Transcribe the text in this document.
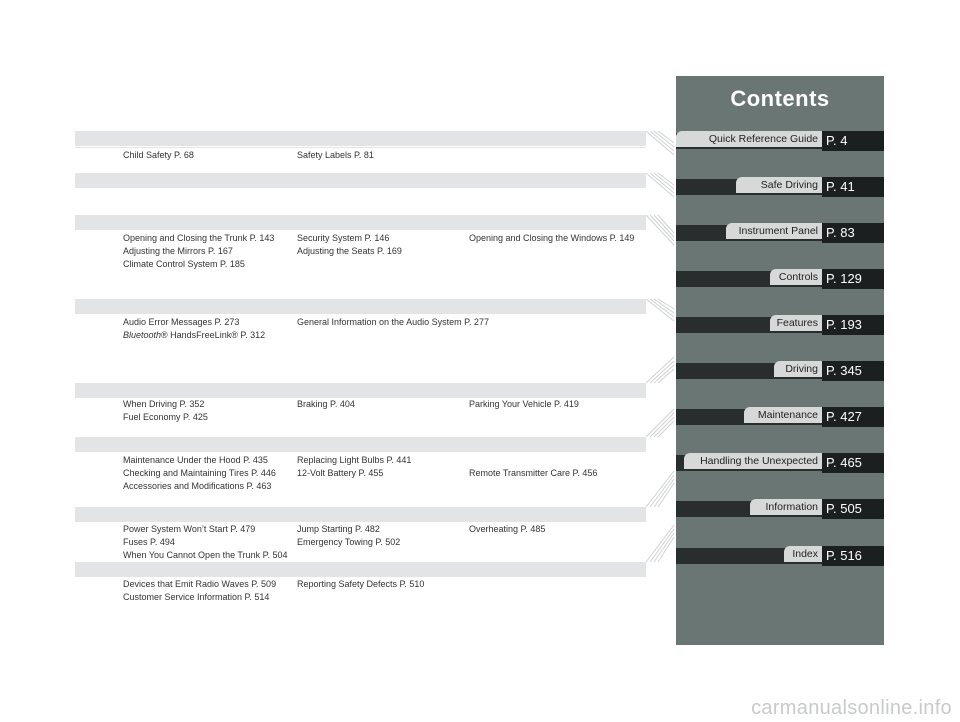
Child Safety P. 68	Safety Labels P. 81
Opening and Closing the Trunk P. 143	Security System P. 146	Opening and Closing the Windows P. 149
Adjusting the Mirrors P. 167	Adjusting the Seats P. 169
Climate Control System P. 185
Audio Error Messages P. 273	General Information on the Audio System P. 277
Bluetooth® HandsFreeLink® P. 312
When Driving P. 352	Braking P. 404	Parking Your Vehicle P. 419
Fuel Economy P. 425
Maintenance Under the Hood P. 435	Replacing Light Bulbs P. 441
Checking and Maintaining Tires P. 446 12-Volt Battery P. 455	Remote Transmitter Care P. 456
Accessories and Modifications P. 463
Power System Won’t Start P. 479	Jump Starting P. 482	Overheating P. 485
Fuses P. 494	Emergency Towing P. 502
When You Cannot Open the Trunk P. 504
Devices that Emit Radio Waves P. 509 Reporting Safety Defects P. 510
Customer Service Information P. 514
Contents
Quick Reference Guide P. 4
Safe Driving P. 41
Instrument Panel P. 83
Controls P. 129
Features P. 193
Driving P. 345
Maintenance P. 427
Handling the Unexpected P. 465
Information P. 505
Index P. 516
carmanualsonline.info
